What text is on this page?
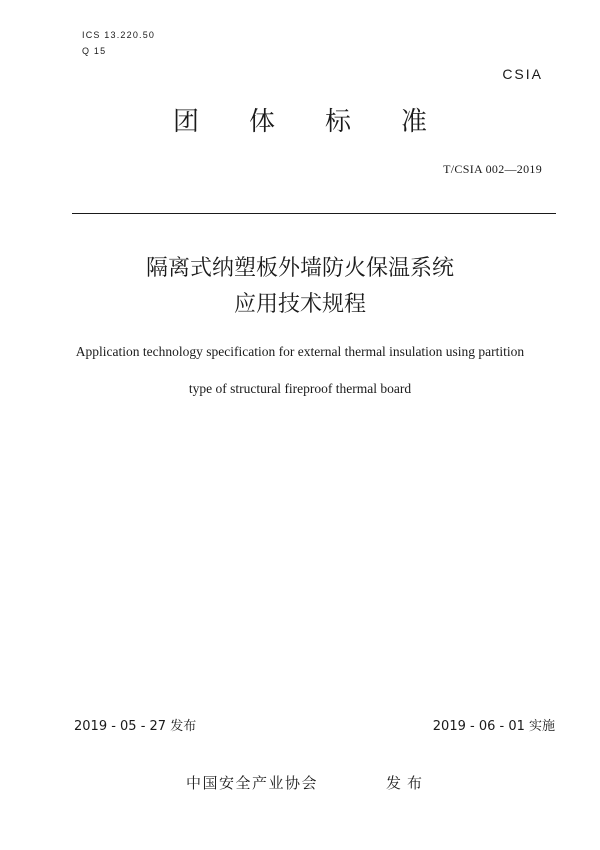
ICS 13.220.50
Q 15
CSIA
团体标准
T/CSIA 002—2019
隔离式纳塑板外墙防火保温系统
应用技术规程
Application technology specification for external thermal insulation using partition
type of structural fireproof thermal board
2019 - 05 - 27 发布	2019 - 06 - 01 实施
中国安全产业协会	发布
